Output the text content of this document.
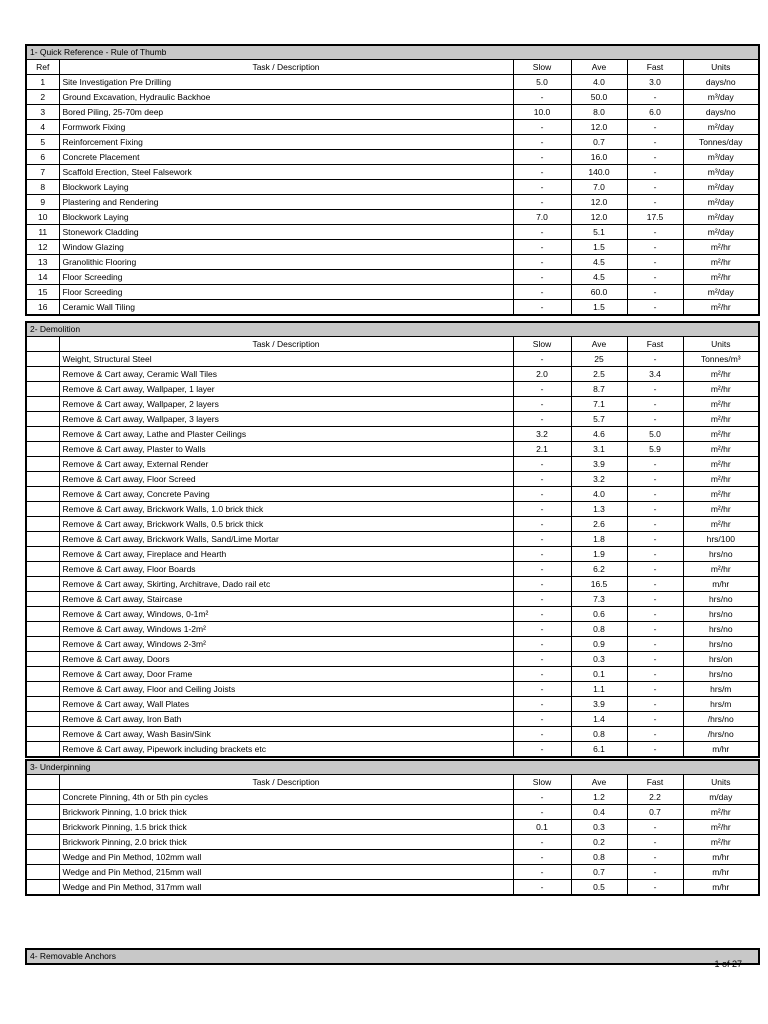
1- Quick Reference - Rule of Thumb					
Ref	Task / Description	Slow	Ave	Fast	Units
1	Site Investigation Pre Drilling	5.0	4.0	3.0	days/no
2	Ground Excavation, Hydraulic Backhoe	-	50.0	-	m³/day
3	Bored Piling, 25-70m deep	10.0	8.0	6.0	days/no
4	Formwork Fixing	-	12.0	-	m²/day
5	Reinforcement Fixing	-	0.7	-	Tonnes/day
6	Concrete Placement	-	16.0	-	m³/day
7	Scaffold Erection, Steel Falsework	-	140.0	-	m³/day
8	Blockwork Laying	-	7.0	-	m²/day
9	Plastering and Rendering	-	12.0	-	m²/day
10	Blockwork Laying	7.0	12.0	17.5	m²/day
11	Stonework Cladding	-	5.1	-	m²/day
12	Window Glazing	-	1.5	-	m²/hr
13	Granolithic Flooring	-	4.5	-	m²/hr
14	Floor Screeding	-	4.5	-	m²/hr
15	Floor Screeding	-	60.0	-	m²/day
16	Ceramic Wall Tiling	-	1.5	-	m²/hr
2- Demolition					
	Task / Description	Slow	Ave	Fast	Units
	Weight, Structural Steel	-	25	-	Tonnes/m³
	Remove & Cart away, Ceramic Wall Tiles	2.0	2.5	3.4	m²/hr
	Remove & Cart away, Wallpaper, 1 layer	-	8.7	-	m²/hr
	Remove & Cart away, Wallpaper, 2 layers	-	7.1	-	m²/hr
	Remove & Cart away, Wallpaper, 3 layers	-	5.7	-	m²/hr
	Remove & Cart away, Lathe and Plaster Ceilings	3.2	4.6	5.0	m²/hr
	Remove & Cart away, Plaster to Walls	2.1	3.1	5.9	m²/hr
	Remove & Cart away, External Render	-	3.9	-	m²/hr
	Remove & Cart away, Floor Screed	-	3.2	-	m²/hr
	Remove & Cart away, Concrete Paving	-	4.0	-	m²/hr
	Remove & Cart away, Brickwork Walls, 1.0 brick thick	-	1.3	-	m²/hr
	Remove & Cart away, Brickwork Walls, 0.5 brick thick	-	2.6	-	m²/hr
	Remove & Cart away, Brickwork Walls, Sand/Lime Mortar	-	1.8	-	hrs/100
	Remove & Cart away, Fireplace and Hearth	-	1.9	-	hrs/no
	Remove & Cart away, Floor Boards	-	6.2	-	m²/hr
	Remove & Cart away, Skirting, Architrave, Dado rail etc	-	16.5	-	m/hr
	Remove & Cart away, Staircase	-	7.3	-	hrs/no
	Remove & Cart away, Windows, 0-1m²	-	0.6	-	hrs/no
	Remove & Cart away, Windows 1-2m²	-	0.8	-	hrs/no
	Remove & Cart away, Windows 2-3m²	-	0.9	-	hrs/no
	Remove & Cart away, Doors	-	0.3	-	hrs/on
	Remove & Cart away, Door Frame	-	0.1	-	hrs/no
	Remove & Cart away, Floor and Ceiling Joists	-	1.1	-	hrs/m
	Remove & Cart away, Wall Plates	-	3.9	-	hrs/m
	Remove & Cart away, Iron Bath	-	1.4	-	/hrs/no
	Remove & Cart away, Wash Basin/Sink	-	0.8	-	/hrs/no
	Remove & Cart away, Pipework including brackets etc	-	6.1	-	m/hr
3- Underpinning					
	Task / Description	Slow	Ave	Fast	Units
	Concrete Pinning, 4th or 5th pin cycles	-	1.2	2.2	m/day
	Brickwork Pinning, 1.0 brick thick	-	0.4	0.7	m²/hr
	Brickwork Pinning, 1.5 brick thick	0.1	0.3	-	m²/hr
	Brickwork Pinning, 2.0 brick thick	-	0.2	-	m²/hr
	Wedge and Pin Method, 102mm wall	-	0.8	-	m/hr
	Wedge and Pin Method, 215mm wall	-	0.7	-	m/hr
	Wedge and Pin Method, 317mm wall	-	0.5	-	m/hr
4- Removable Anchors
1 of 27
